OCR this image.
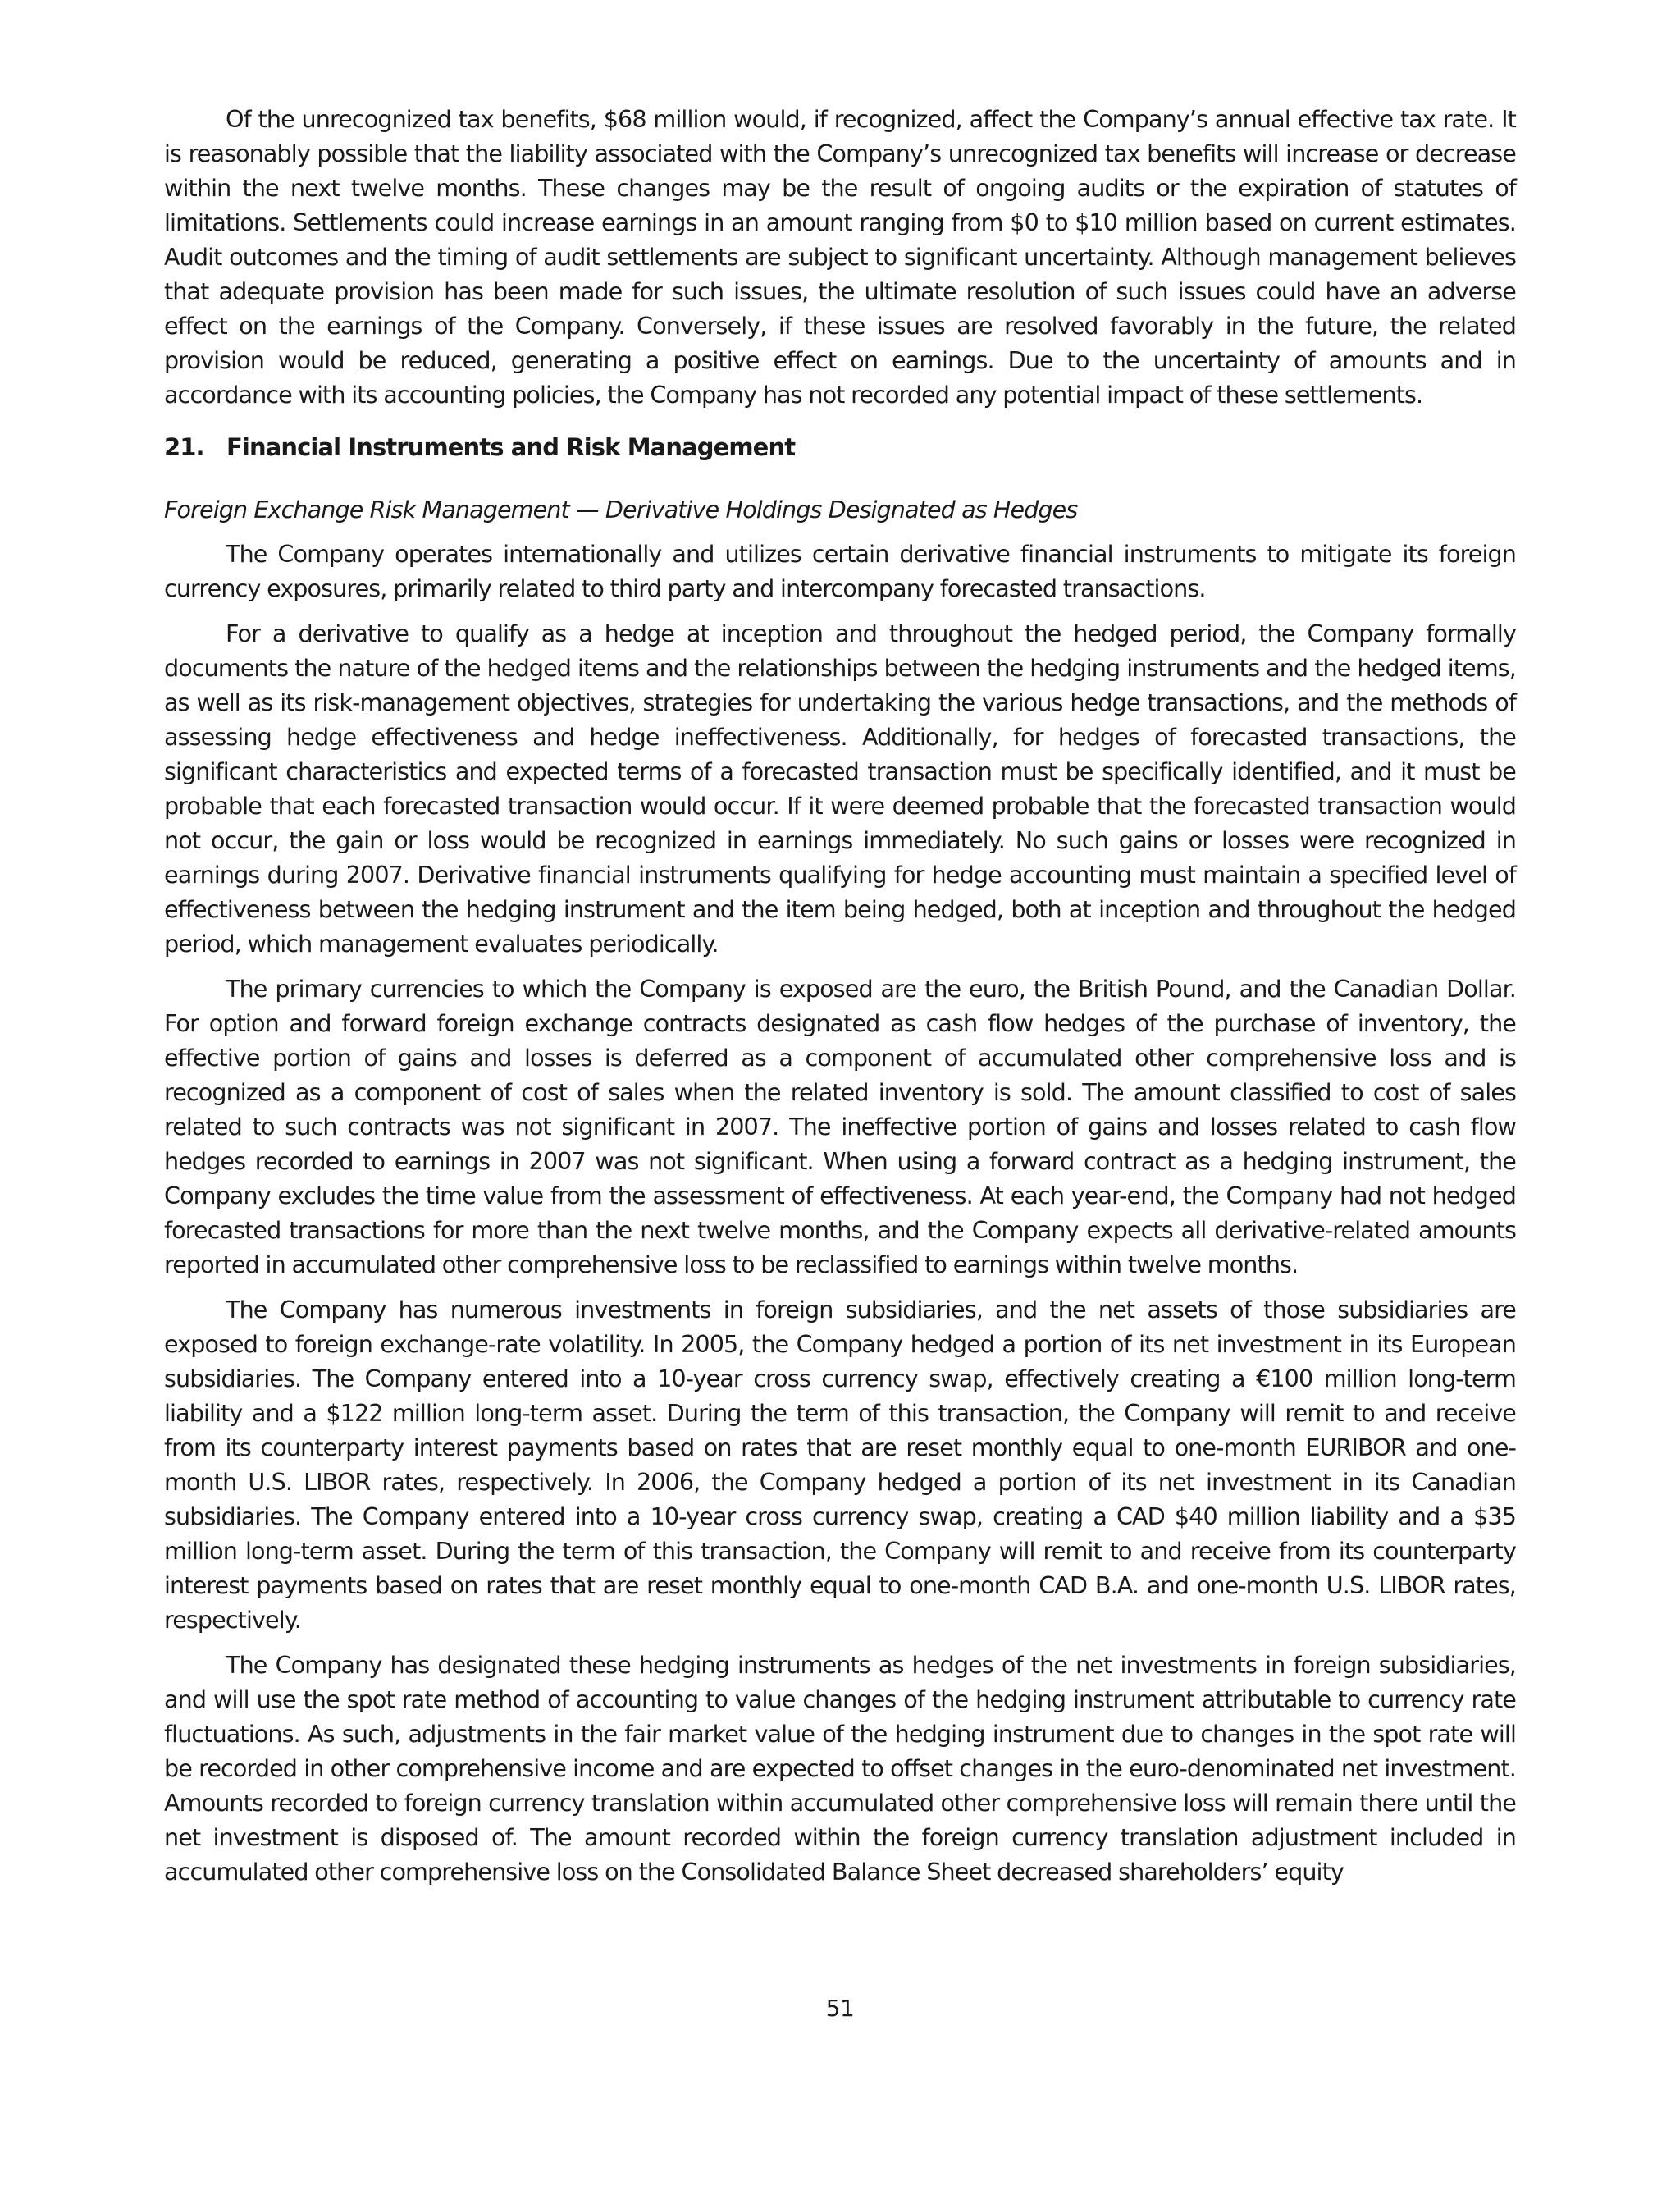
Of the unrecognized tax benefits, $68 million would, if recognized, affect the Company’s annual effective tax rate. It is reasonably possible that the liability associated with the Company’s unrecognized tax benefits will increase or decrease within the next twelve months. These changes may be the result of ongoing audits or the expiration of statutes of limitations. Settlements could increase earnings in an amount ranging from $0 to $10 million based on current estimates. Audit outcomes and the timing of audit settlements are subject to significant uncertainty. Although management believes that adequate provision has been made for such issues, the ultimate resolution of such issues could have an adverse effect on the earnings of the Company. Conversely, if these issues are resolved favorably in the future, the related provision would be reduced, generating a positive effect on earnings. Due to the uncertainty of amounts and in accordance with its accounting policies, the Company has not recorded any potential impact of these settlements.

21. Financial Instruments and Risk Management

Foreign Exchange Risk Management — Derivative Holdings Designated as Hedges

The Company operates internationally and utilizes certain derivative financial instruments to mitigate its foreign currency exposures, primarily related to third party and intercompany forecasted transactions.

For a derivative to qualify as a hedge at inception and throughout the hedged period, the Company formally documents the nature of the hedged items and the relationships between the hedging instruments and the hedged items, as well as its risk-management objectives, strategies for undertaking the various hedge transactions, and the methods of assessing hedge effectiveness and hedge ineffectiveness. Additionally, for hedges of forecasted transactions, the significant characteristics and expected terms of a forecasted transaction must be specifically identified, and it must be probable that each forecasted transaction would occur. If it were deemed probable that the forecasted transaction would not occur, the gain or loss would be recognized in earnings immediately. No such gains or losses were recognized in earnings during 2007. Derivative financial instruments qualifying for hedge accounting must maintain a specified level of effectiveness between the hedging instrument and the item being hedged, both at inception and throughout the hedged period, which management evaluates periodically.

The primary currencies to which the Company is exposed are the euro, the British Pound, and the Canadian Dollar. For option and forward foreign exchange contracts designated as cash flow hedges of the purchase of inventory, the effective portion of gains and losses is deferred as a component of accumulated other comprehensive loss and is recognized as a component of cost of sales when the related inventory is sold. The amount classified to cost of sales related to such contracts was not significant in 2007. The ineffective portion of gains and losses related to cash flow hedges recorded to earnings in 2007 was not significant. When using a forward contract as a hedging instrument, the Company excludes the time value from the assessment of effectiveness. At each year-end, the Company had not hedged forecasted transactions for more than the next twelve months, and the Company expects all derivative-related amounts reported in accumulated other comprehensive loss to be reclassified to earnings within twelve months.

The Company has numerous investments in foreign subsidiaries, and the net assets of those subsidiaries are exposed to foreign exchange-rate volatility. In 2005, the Company hedged a portion of its net investment in its European subsidiaries. The Company entered into a 10-year cross currency swap, effectively creating a €100 million long-term liability and a $122 million long-term asset. During the term of this transaction, the Company will remit to and receive from its counterparty interest payments based on rates that are reset monthly equal to one-month EURIBOR and one-month U.S. LIBOR rates, respectively. In 2006, the Company hedged a portion of its net investment in its Canadian subsidiaries. The Company entered into a 10-year cross currency swap, creating a CAD $40 million liability and a $35 million long-term asset. During the term of this transaction, the Company will remit to and receive from its counterparty interest payments based on rates that are reset monthly equal to one-month CAD B.A. and one-month U.S. LIBOR rates, respectively.

The Company has designated these hedging instruments as hedges of the net investments in foreign subsidiaries, and will use the spot rate method of accounting to value changes of the hedging instrument attributable to currency rate fluctuations. As such, adjustments in the fair market value of the hedging instrument due to changes in the spot rate will be recorded in other comprehensive income and are expected to offset changes in the euro-denominated net investment. Amounts recorded to foreign currency translation within accumulated other comprehensive loss will remain there until the net investment is disposed of. The amount recorded within the foreign currency translation adjustment included in accumulated other comprehensive loss on the Consolidated Balance Sheet decreased shareholders’ equity

51
